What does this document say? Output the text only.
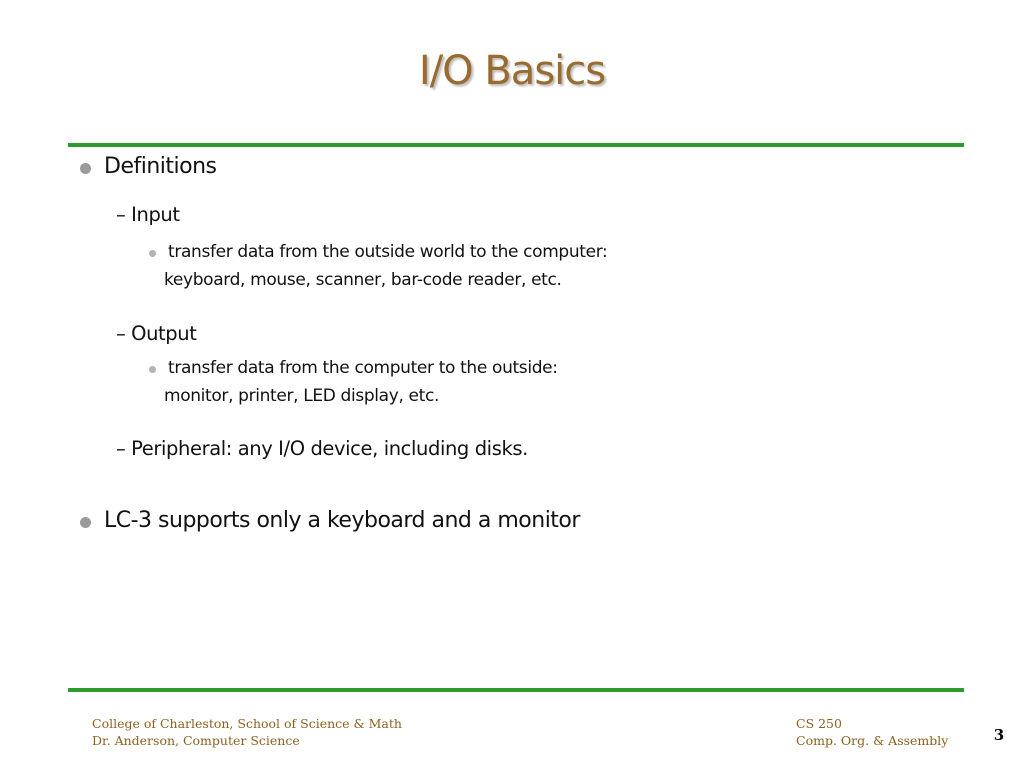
I/O Basics
Definitions
– Input
transfer data from the outside world to the computer:
keyboard, mouse, scanner, bar-code reader, etc.
– Output
transfer data from the computer to the outside:
monitor, printer, LED display, etc.
– Peripheral: any I/O device, including disks.
LC-3 supports only a keyboard and a monitor
College of Charleston, School of Science & Math
Dr. Anderson, Computer Science
CS 250
Comp. Org. & Assembly	3
